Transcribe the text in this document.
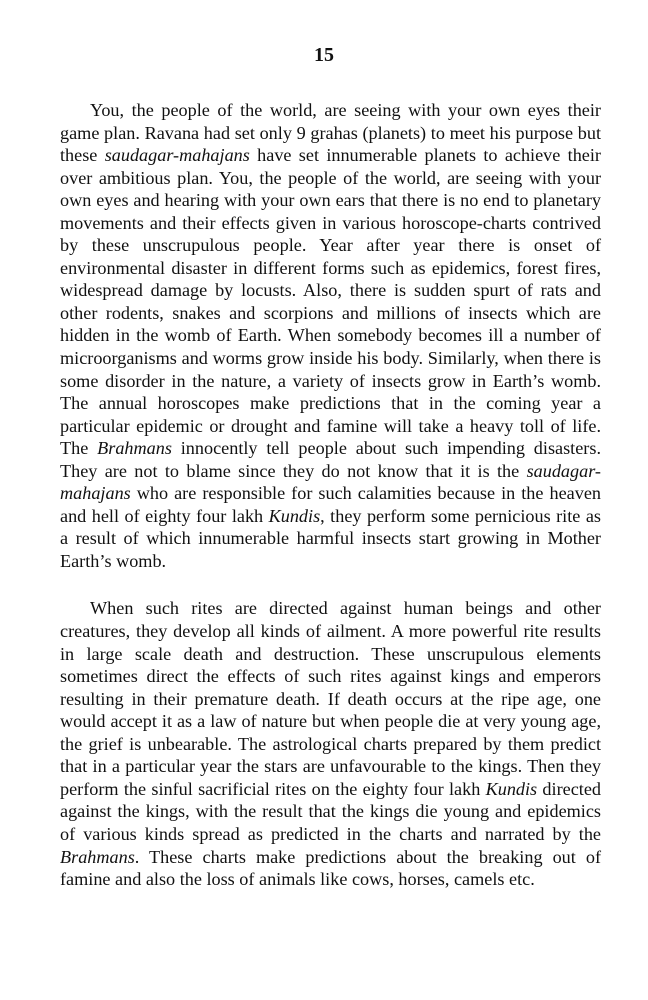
15

You, the people of the world, are seeing with your own eyes their game plan. Ravana had set only 9 grahas (planets) to meet his purpose but these saudagar-mahajans have set innumerable planets to achieve their over ambitious plan. You, the people of the world, are seeing with your own eyes and hearing with your own ears that there is no end to planetary movements and their effects given in various horoscope-charts contrived by these unscrupulous people. Year after year there is onset of environmental disaster in different forms such as epidemics, forest fires, widespread damage by locusts. Also, there is sudden spurt of rats and other rodents, snakes and scorpions and millions of insects which are hidden in the womb of Earth. When somebody becomes ill a number of microorganisms and worms grow inside his body. Similarly, when there is some disorder in the nature, a variety of insects grow in Earth’s womb. The annual horoscopes make predictions that in the coming year a particular epidemic or drought and famine will take a heavy toll of life. The Brahmans innocently tell people about such impending disasters. They are not to blame since they do not know that it is the saudagar-mahajans who are responsible for such calamities because in the heaven and hell of eighty four lakh Kundis, they perform some pernicious rite as a result of which innumerable harmful insects start growing in Mother Earth’s womb.

When such rites are directed against human beings and other creatures, they develop all kinds of ailment. A more powerful rite results in large scale death and destruction. These unscrupulous elements sometimes direct the effects of such rites against kings and emperors resulting in their premature death. If death occurs at the ripe age, one would accept it as a law of nature but when people die at very young age, the grief is unbearable. The astrological charts prepared by them predict that in a particular year the stars are unfavourable to the kings. Then they perform the sinful sacrificial rites on the eighty four lakh Kundis directed against the kings, with the result that the kings die young and epidemics of various kinds spread as predicted in the charts and narrated by the Brahmans. These charts make predictions about the breaking out of famine and also the loss of animals like cows, horses, camels etc.
